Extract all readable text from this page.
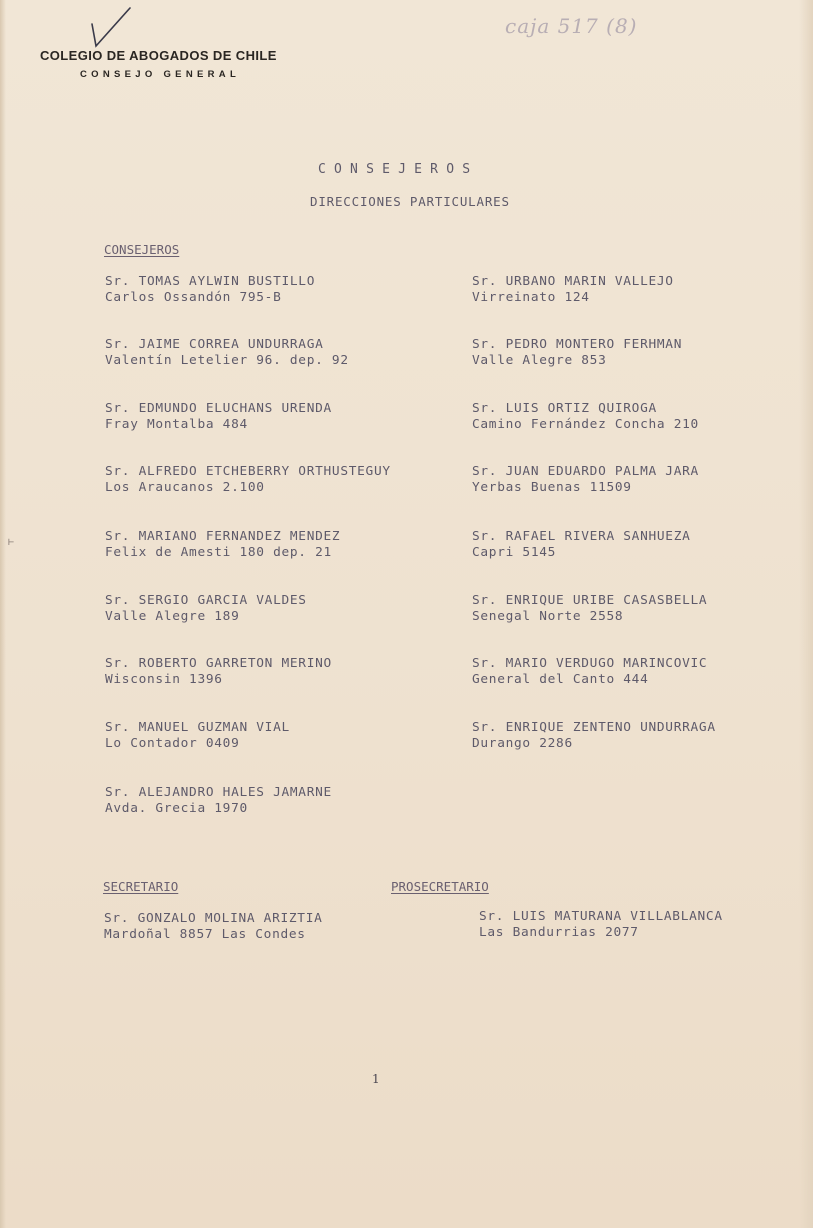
caja 517 (8)
COLEGIO DE ABOGADOS DE CHILE
CONSEJO GENERAL
CONSEJEROS
DIRECCIONES PARTICULARES
CONSEJEROS
Sr. TOMAS AYLWIN BUSTILLO
Carlos Ossandón 795-B
Sr. JAIME CORREA UNDURRAGA
Valentín Letelier 96. dep. 92
Sr. EDMUNDO ELUCHANS URENDA
Fray Montalba 484
Sr. ALFREDO ETCHEBERRY ORTHUSTEGUY
Los Araucanos 2.100
Sr. MARIANO FERNANDEZ MENDEZ
Felix de Amesti 180 dep. 21
Sr. SERGIO GARCIA VALDES
Valle Alegre 189
Sr. ROBERTO GARRETON MERINO
Wisconsin 1396
Sr. MANUEL GUZMAN VIAL
Lo Contador 0409
Sr. ALEJANDRO HALES JAMARNE
Avda. Grecia 1970
Sr. URBANO MARIN VALLEJO
Virreinato 124
Sr. PEDRO MONTERO FERHMAN
Valle Alegre 853
Sr. LUIS ORTIZ QUIROGA
Camino Fernández Concha 210
Sr. JUAN EDUARDO PALMA JARA
Yerbas Buenas 11509
Sr. RAFAEL RIVERA SANHUEZA
Capri 5145
Sr. ENRIQUE URIBE CASASBELLA
Senegal Norte 2558
Sr. MARIO VERDUGO MARINCOVIC
General del Canto 444
Sr. ENRIQUE ZENTENO UNDURRAGA
Durango 2286
SECRETARIO	PROSECRETARIO
Sr. GONZALO MOLINA ARIZTIA
Mardoñal 8857 Las Condes
Sr. LUIS MATURANA VILLABLANCA
Las Bandurrias 2077
1
⊢
